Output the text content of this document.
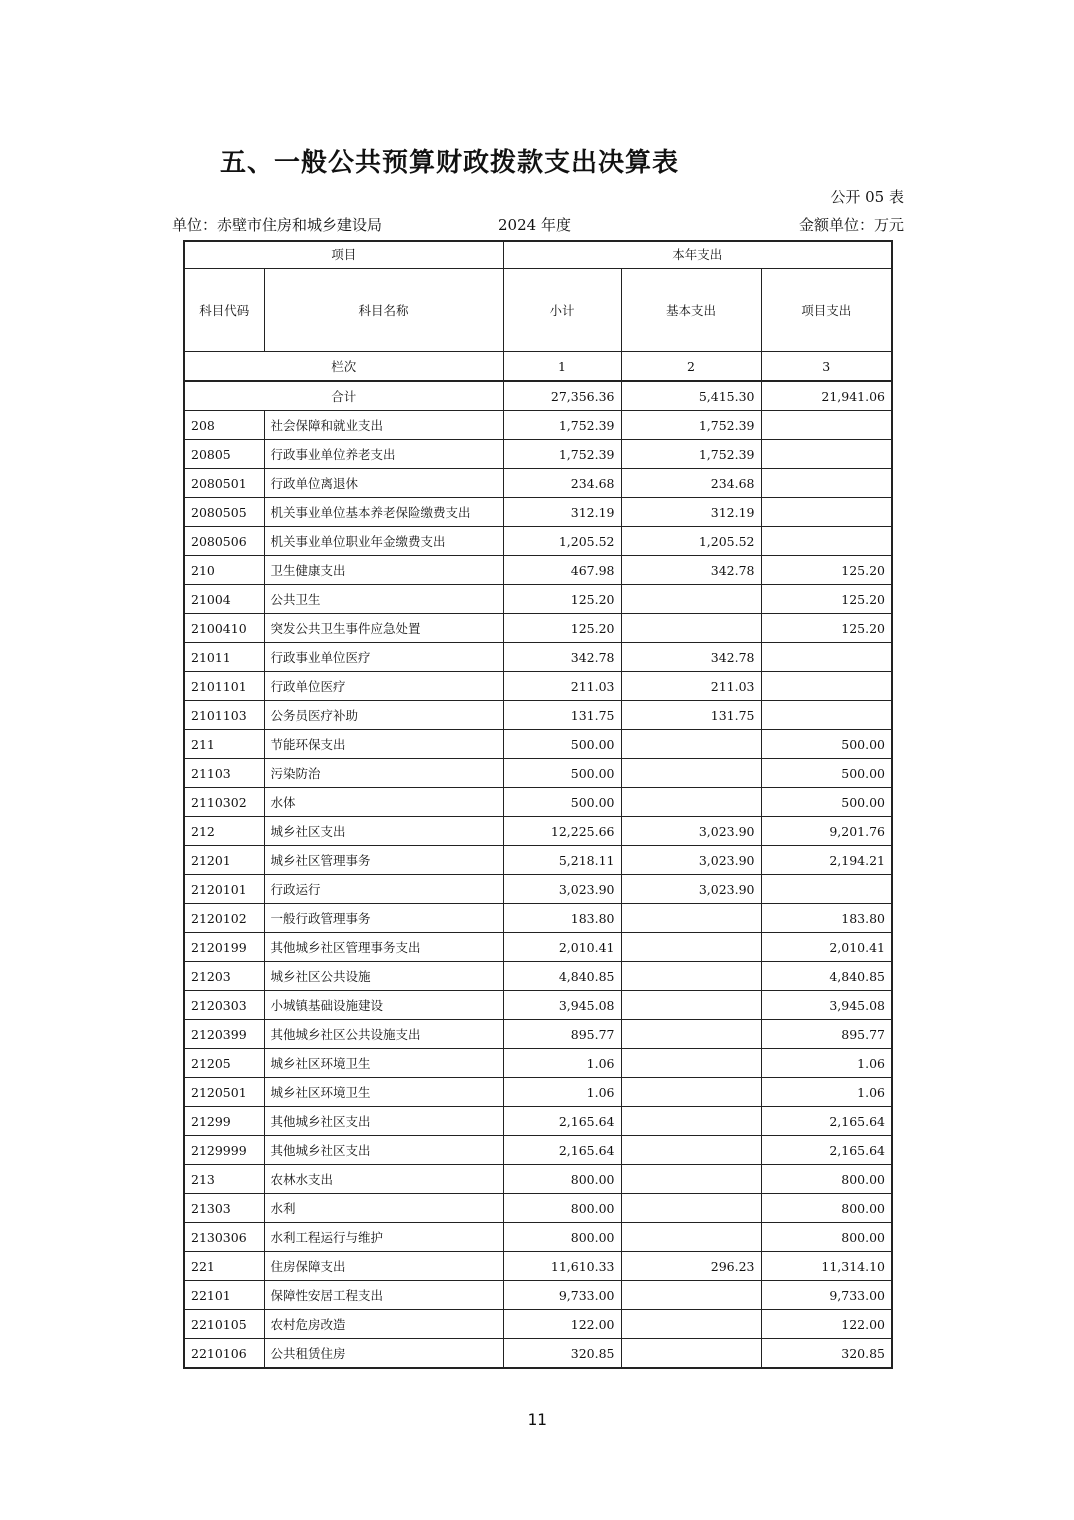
五、一般公共预算财政拨款支出决算表
公开 05 表
单位：赤壁市住房和城乡建设局	2024 年度	金额单位：万元
项目		本年支出		
科目代码	科目名称	小计	基本支出	项目支出
栏次		1	2	3
合计		27,356.36	5,415.30	21,941.06
208	社会保障和就业支出	1,752.39	1,752.39	
20805	行政事业单位养老支出	1,752.39	1,752.39	
2080501	行政单位离退休	234.68	234.68	
2080505	机关事业单位基本养老保险缴费支出	312.19	312.19	
2080506	机关事业单位职业年金缴费支出	1,205.52	1,205.52	
210	卫生健康支出	467.98	342.78	125.20
21004	公共卫生	125.20		125.20
2100410	突发公共卫生事件应急处置	125.20		125.20
21011	行政事业单位医疗	342.78	342.78	
2101101	行政单位医疗	211.03	211.03	
2101103	公务员医疗补助	131.75	131.75	
211	节能环保支出	500.00		500.00
21103	污染防治	500.00		500.00
2110302	水体	500.00		500.00
212	城乡社区支出	12,225.66	3,023.90	9,201.76
21201	城乡社区管理事务	5,218.11	3,023.90	2,194.21
2120101	行政运行	3,023.90	3,023.90	
2120102	一般行政管理事务	183.80		183.80
2120199	其他城乡社区管理事务支出	2,010.41		2,010.41
21203	城乡社区公共设施	4,840.85		4,840.85
2120303	小城镇基础设施建设	3,945.08		3,945.08
2120399	其他城乡社区公共设施支出	895.77		895.77
21205	城乡社区环境卫生	1.06		1.06
2120501	城乡社区环境卫生	1.06		1.06
21299	其他城乡社区支出	2,165.64		2,165.64
2129999	其他城乡社区支出	2,165.64		2,165.64
213	农林水支出	800.00		800.00
21303	水利	800.00		800.00
2130306	水利工程运行与维护	800.00		800.00
221	住房保障支出	11,610.33	296.23	11,314.10
22101	保障性安居工程支出	9,733.00		9,733.00
2210105	农村危房改造	122.00		122.00
2210106	公共租赁住房	320.85		320.85
11
